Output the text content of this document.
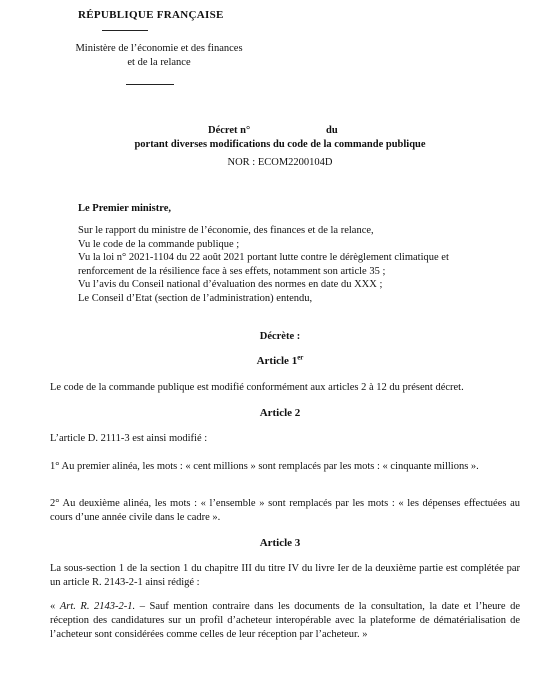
RÉPUBLIQUE FRANÇAISE
Ministère de l’économie et des finances
et de la relance
Décret n°	du
portant diverses modifications du code de la commande publique
NOR : ECOM2200104D
Le Premier ministre,
Sur le rapport du ministre de l’économie, des finances et de la relance,
Vu le code de la commande publique ;
Vu la loi n° 2021-1104 du 22 août 2021 portant lutte contre le dérèglement climatique et
renforcement de la résilience face à ses effets, notamment son article 35 ;
Vu l’avis du Conseil national d’évaluation des normes en date du XXX ;
Le Conseil d’Etat (section de l’administration) entendu,
Décrète :
Article 1er
Le code de la commande publique est modifié conformément aux articles 2 à 12 du présent décret.
Article 2
L’article D. 2111-3 est ainsi modifié :
1° Au premier alinéa, les mots : « cent millions » sont remplacés par les mots : « cinquante millions ».
2° Au deuxième alinéa, les mots : « l’ensemble » sont remplacés par les mots : « les dépenses effectuées au cours d’une année civile dans le cadre ».
Article 3
La sous-section 1 de la section 1 du chapitre III du titre IV du livre Ier de la deuxième partie est complétée par un article R. 2143-2-1 ainsi rédigé :
« Art. R. 2143-2-1. – Sauf mention contraire dans les documents de la consultation, la date et l’heure de réception des candidatures sur un profil d’acheteur interopérable avec la plateforme de dématérialisation de l’acheteur sont considérées comme celles de leur réception par l’acheteur. »
